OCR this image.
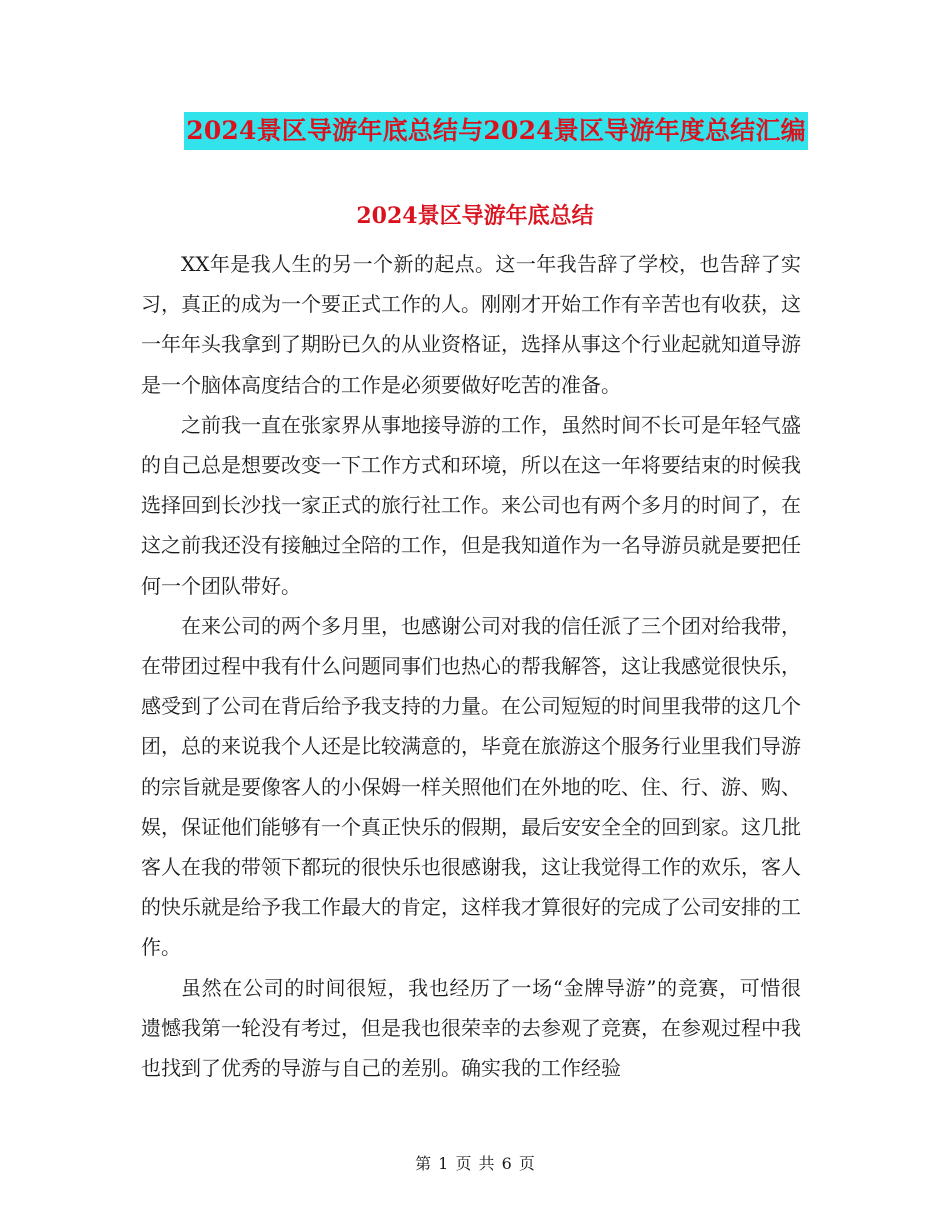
2024景区导游年底总结与2024景区导游年度总结汇编
2024景区导游年底总结

XX年是我人生的另一个新的起点。这一年我告辞了学校，也告辞了实习，真正的成为一个要正式工作的人。刚刚才开始工作有辛苦也有收获，这一年年头我拿到了期盼已久的从业资格证，选择从事这个行业起就知道导游是一个脑体高度结合的工作是必须要做好吃苦的准备。

之前我一直在张家界从事地接导游的工作，虽然时间不长可是年轻气盛的自己总是想要改变一下工作方式和环境，所以在这一年将要结束的时候我选择回到长沙找一家正式的旅行社工作。来公司也有两个多月的时间了，在这之前我还没有接触过全陪的工作，但是我知道作为一名导游员就是要把任何一个团队带好。

在来公司的两个多月里，也感谢公司对我的信任派了三个团对给我带，在带团过程中我有什么问题同事们也热心的帮我解答，这让我感觉很快乐，感受到了公司在背后给予我支持的力量。在公司短短的时间里我带的这几个团，总的来说我个人还是比较满意的，毕竟在旅游这个服务行业里我们导游的宗旨就是要像客人的小保姆一样关照他们在外地的吃、住、行、游、购、娱，保证他们能够有一个真正快乐的假期，最后安安全全的回到家。这几批客人在我的带领下都玩的很快乐也很感谢我，这让我觉得工作的欢乐，客人的快乐就是给予我工作最大的肯定，这样我才算很好的完成了公司安排的工作。

虽然在公司的时间很短，我也经历了一场“金牌导游”的竞赛，可惜很遗憾我第一轮没有考过，但是我也很荣幸的去参观了竞赛，在参观过程中我也找到了优秀的导游与自己的差别。确实我的工作经验

第 1 页 共 6 页
